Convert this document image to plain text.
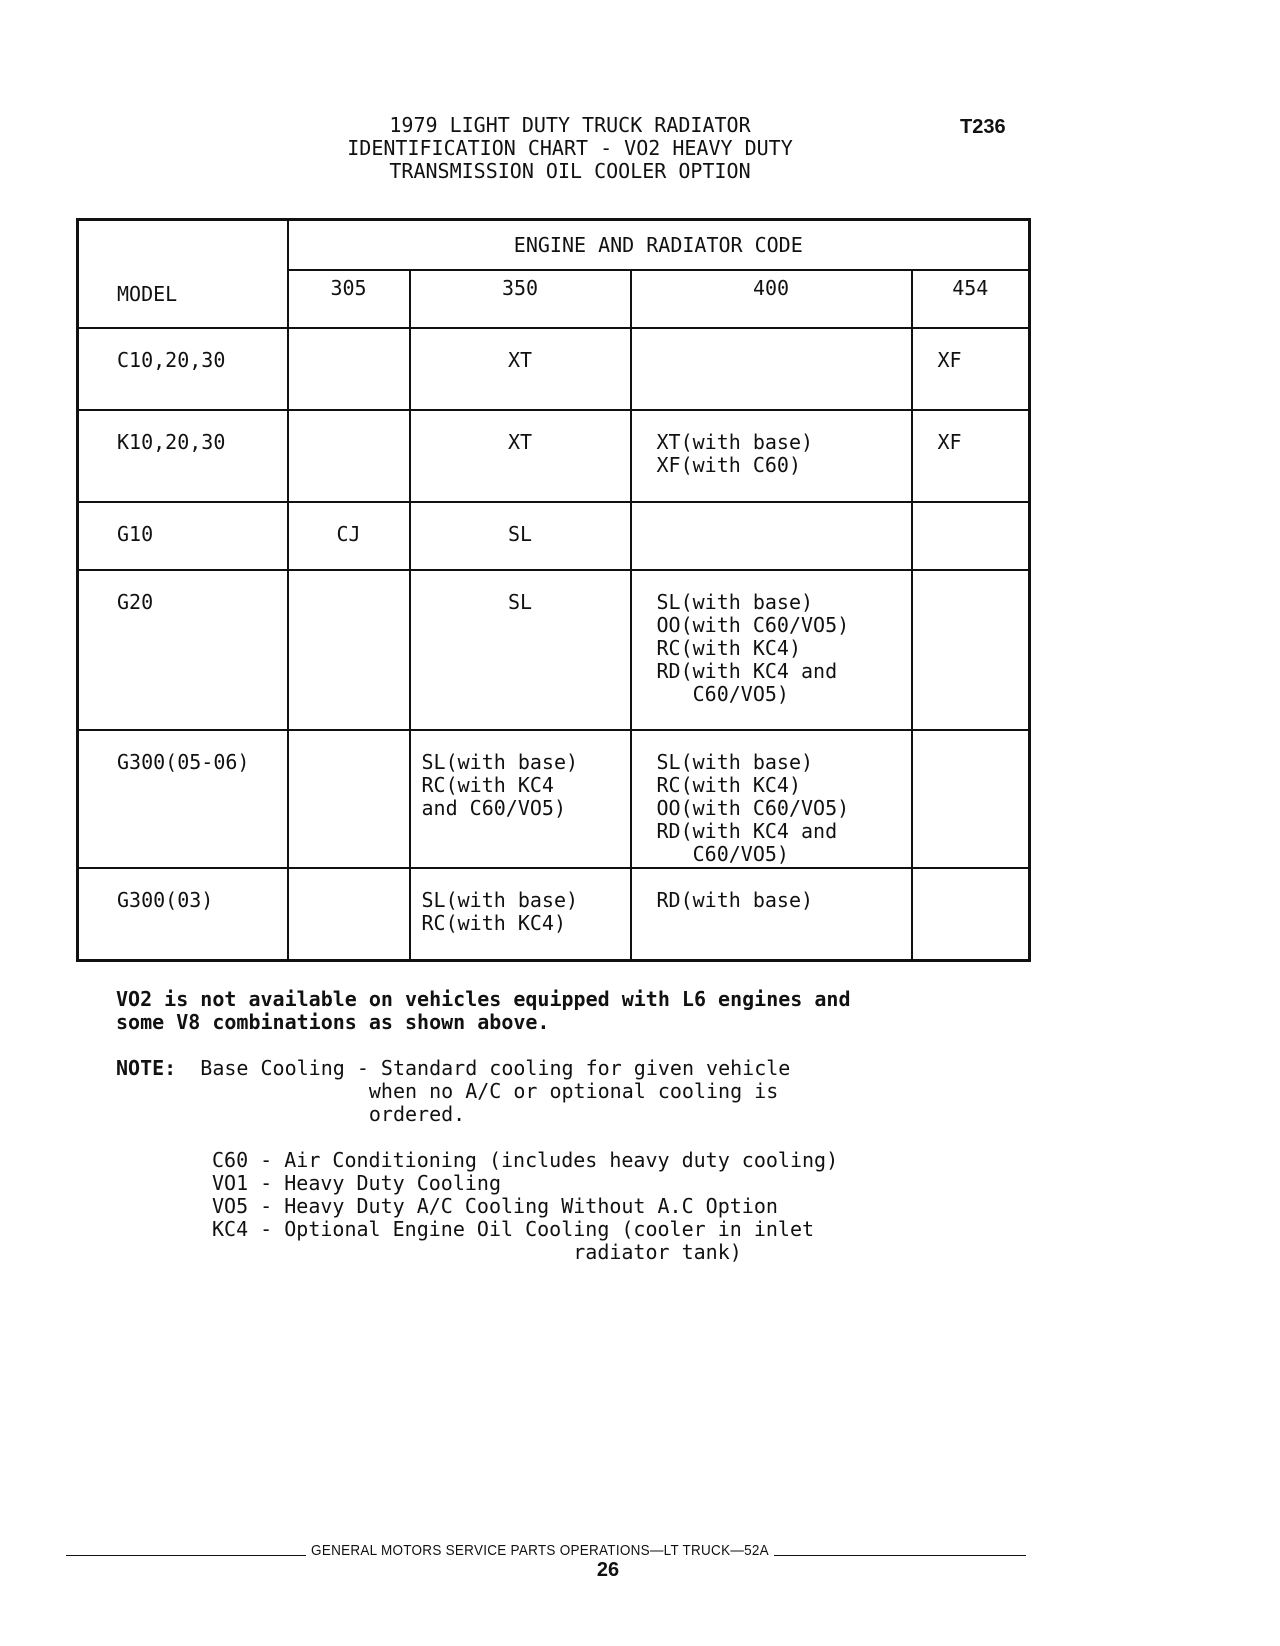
1979 LIGHT DUTY TRUCK RADIATOR
IDENTIFICATION CHART - VO2 HEAVY DUTY
TRANSMISSION OIL COOLER OPTION
T236
MODEL	ENGINE AND RADIATOR CODE			
	305	350	400	454
C10,20,30		XT		XF
K10,20,30		XT	XT(with base)
XF(with C60)	XF
G10	CJ	SL		
G20		SL	SL(with base)
OO(with C60/VO5)
RC(with KC4)
RD(with KC4 and
C60/VO5)	
G300(05-06)		SL(with base)
RC(with KC4
and C60/VO5)	SL(with base)
RC(with KC4)
OO(with C60/VO5)
RD(with KC4 and
C60/VO5)	
G300(03)		SL(with base)
RC(with KC4)	RD(with base)	
VO2 is not available on vehicles equipped with L6 engines and
some V8 combinations as shown above.
NOTE:  Base Cooling - Standard cooling for given vehicle
when no A/C or optional cooling is
ordered.
C60 - Air Conditioning (includes heavy duty cooling)
VO1 - Heavy Duty Cooling
VO5 - Heavy Duty A/C Cooling Without A.C Option
KC4 - Optional Engine Oil Cooling (cooler in inlet
radiator tank)
GENERAL MOTORS SERVICE PARTS OPERATIONS—LT TRUCK—52A
26
